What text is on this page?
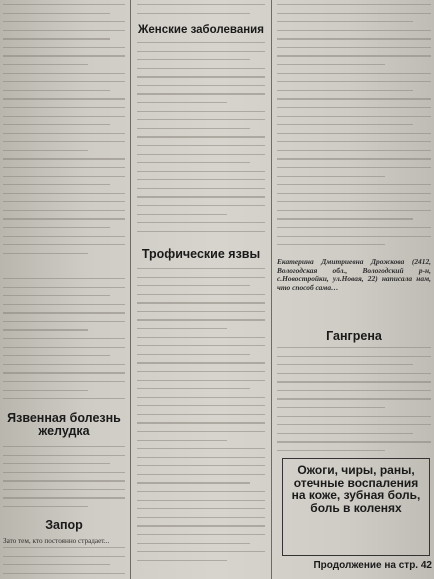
Язвенная болезнь желудка
Запор

Зато тем, кто постоянно страдает...

Женские заболевания
Трофические язвы

Екатерина Дмитриевна Дрожкова (2412, Вологодская обл., Вологодский р-н, с.Новостройки, ул.Новая, 22) написала нам, что способ сама…

Гангрена
Ожоги, чиры, раны, отечные воспаления на коже, зубная боль, боль в коленях
Продолжение на стр. 42
